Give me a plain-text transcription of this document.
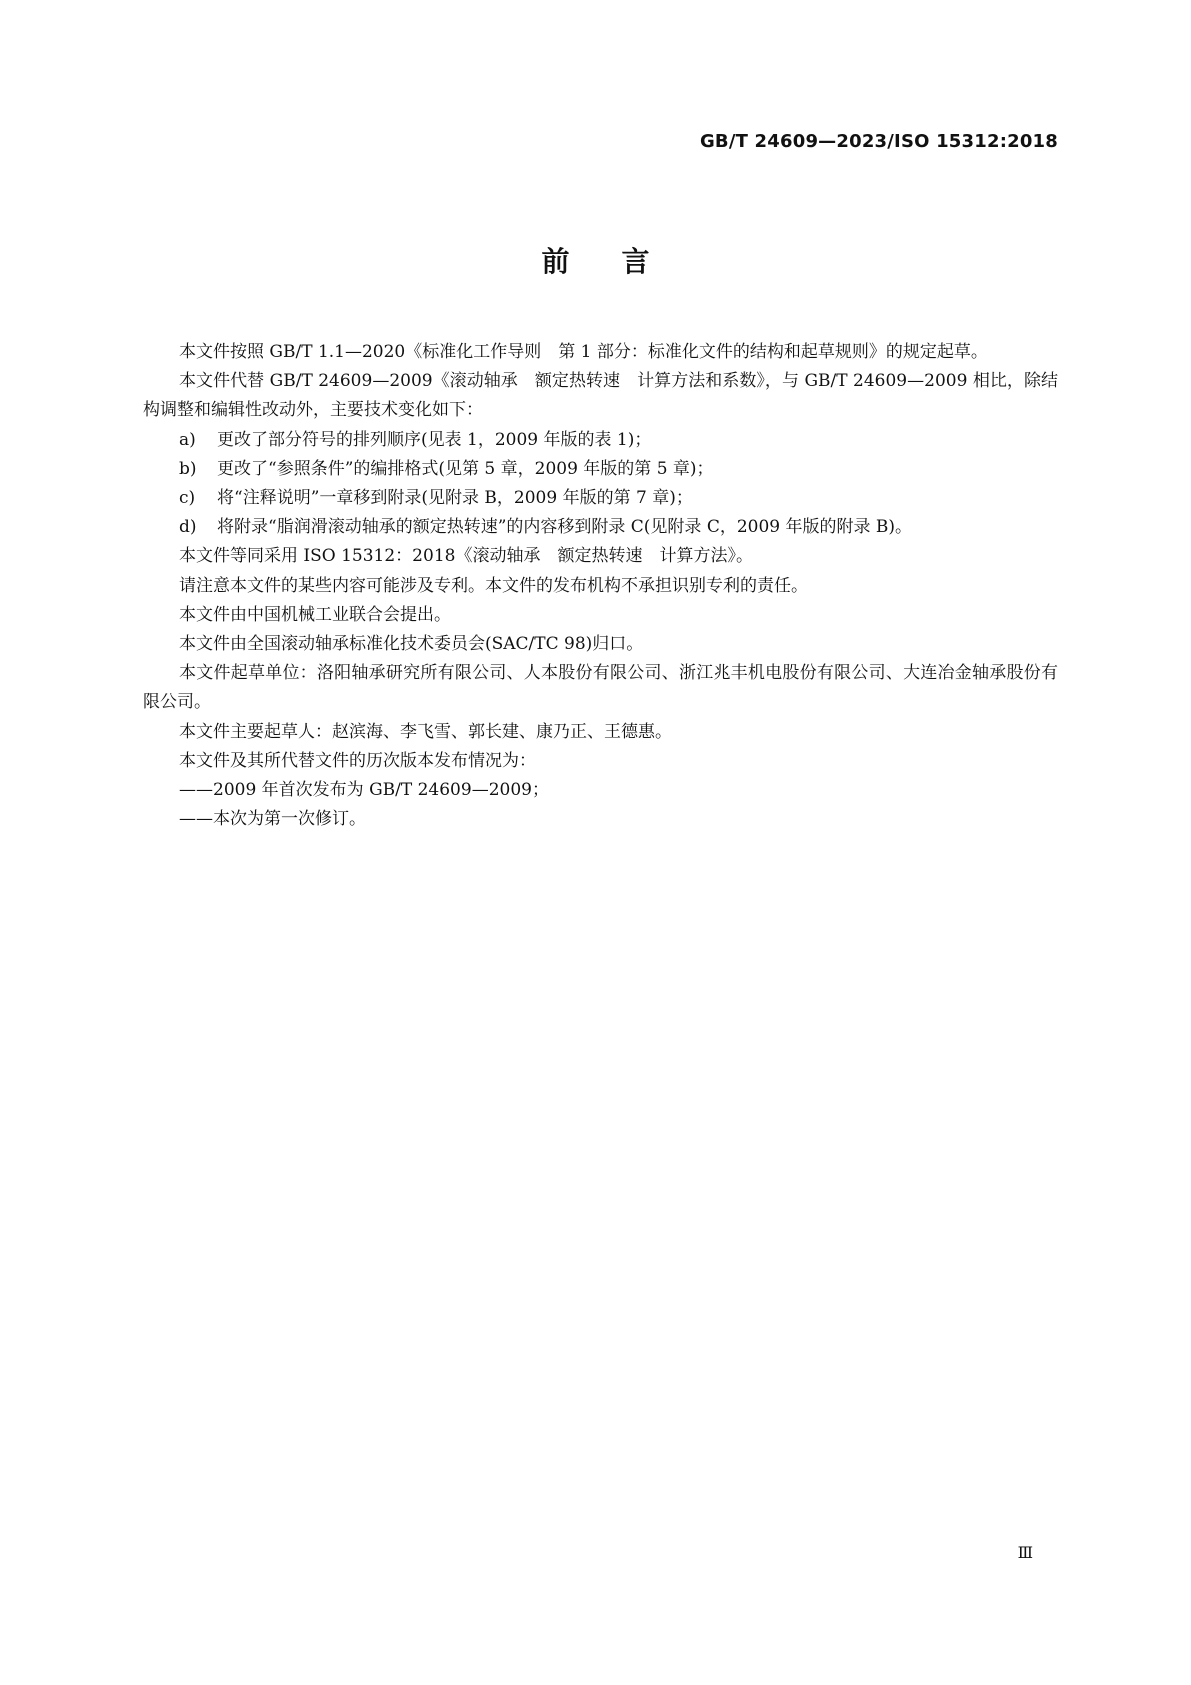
GB/T 24609—2023/ISO 15312:2018
前 言

本文件按照 GB/T 1.1—2020《标准化工作导则　第 1 部分：标准化文件的结构和起草规则》的规定起草。

本文件代替 GB/T 24609—2009《滚动轴承　额定热转速　计算方法和系数》，与 GB/T 24609—2009 相比，除结构调整和编辑性改动外，主要技术变化如下：

a) 更改了部分符号的排列顺序(见表 1，2009 年版的表 1)；

b) 更改了“参照条件”的编排格式(见第 5 章，2009 年版的第 5 章)；

c) 将“注释说明”一章移到附录(见附录 B，2009 年版的第 7 章)；

d) 将附录“脂润滑滚动轴承的额定热转速”的内容移到附录 C(见附录 C，2009 年版的附录 B)。

本文件等同采用 ISO 15312：2018《滚动轴承　额定热转速　计算方法》。

请注意本文件的某些内容可能涉及专利。本文件的发布机构不承担识别专利的责任。

本文件由中国机械工业联合会提出。

本文件由全国滚动轴承标准化技术委员会(SAC/TC 98)归口。

本文件起草单位：洛阳轴承研究所有限公司、人本股份有限公司、浙江兆丰机电股份有限公司、大连冶金轴承股份有限公司。

本文件主要起草人：赵滨海、李飞雪、郭长建、康乃正、王德惠。

本文件及其所代替文件的历次版本发布情况为：

——2009 年首次发布为 GB/T 24609—2009；

——本次为第一次修订。

Ⅲ
